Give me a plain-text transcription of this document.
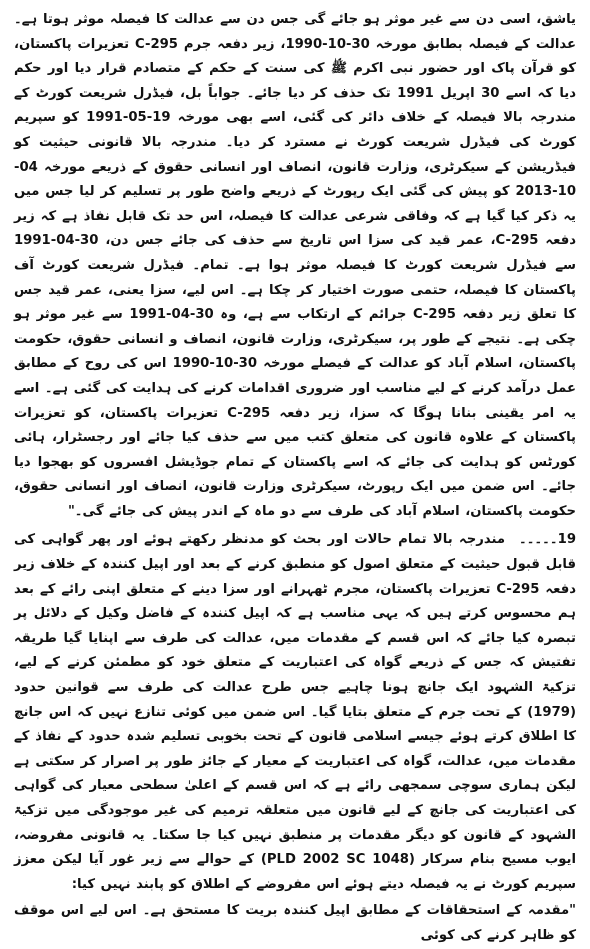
یاشق، اسی دن سے غیر موثر ہو جائے گی جس دن سے عدالت کا فیصلہ موثر ہوتا ہے۔ عدالت کے فیصلہ بطابق مورخہ 30-10-1990، زیر دفعہ جرم C-295 تعزیرات پاکستان، کو قرآن پاک اور حضور نبی اکرم ﷺ کی سنت کے حکم کے متصادم قرار دیا اور حکم دیا کہ اسے 30 اپریل 1991 تک حذف کر دیا جائے۔ جواباً بل، فیڈرل شریعت کورٹ کے مندرجہ بالا فیصلہ کے خلاف دائر کی گئی، اسے بھی مورخہ 19-05-1991 کو سپریم کورٹ کی فیڈرل شریعت کورٹ نے مسترد کر دیا۔ مندرجہ بالا قانونی حیثیت کو فیڈریشن کے سیکرٹری، وزارت قانون، انصاف اور انسانی حقوق کے ذریعے مورخہ 04-10-2013 کو پیش کی گئی ایک رپورٹ کے ذریعے واضح طور پر تسلیم کر لیا جس میں یہ ذکر کیا گیا ہے کہ وفاقی شرعی عدالت کا فیصلہ، اس حد تک قابل نفاذ ہے کہ زیر دفعہ C-295، عمر قید کی سزا اس تاریخ سے حذف کی جائے جس دن، 30-04-1991 سے فیڈرل شریعت کورٹ کا فیصلہ موثر ہوا ہے۔ تمام۔ فیڈرل شریعت کورٹ آف پاکستان کا فیصلہ، حتمی صورت اختیار کر چکا ہے۔ اس لیے، سزا یعنی، عمر قید جس کا تعلق زیر دفعہ C-295 جرائم کے ارتکاب سے ہے، وہ 30-04-1991 سے غیر موثر ہو چکی ہے۔ نتیجے کے طور پر، سیکرٹری، وزارت قانون، انصاف و انسانی حقوق، حکومت پاکستان، اسلام آباد کو عدالت کے فیصلے مورخہ 30-10-1990 اس کی روح کے مطابق عمل درآمد کرنے کے لیے مناسب اور ضروری اقدامات کرنے کی ہدایت کی گئی ہے۔ اسے یہ امر یقینی بنانا ہوگا کہ سزا، زیر دفعہ C-295 تعزیرات پاکستان، کو تعزیرات پاکستان کے علاوہ قانون کی متعلق کتب میں سے حذف کیا جائے اور رجسٹرار، ہائی کورٹس کو ہدایت کی جائے کہ اسے پاکستان کے تمام جوڈیشل افسروں کو بھجوا دیا جائے۔ اس ضمن میں ایک رپورٹ، سیکرٹری وزارت قانون، انصاف اور انسانی حقوق، حکومت پاکستان، اسلام آباد کی طرف سے دو ماہ کے اندر پیش کی جائے گی۔"

19۔۔۔۔۔مندرجہ بالا تمام حالات اور بحث کو مدنظر رکھتے ہوئے اور پھر گواہی کی قابل قبول حیثیت کے متعلق اصول کو منطبق کرنے کے بعد اور اپیل کنندہ کے خلاف زیر دفعہ C-295 تعزیرات پاکستان، مجرم ٹھہرانے اور سزا دینے کے متعلق اپنی رائے کے بعد ہم محسوس کرتے ہیں کہ یہی مناسب ہے کہ اپیل کنندہ کے فاضل وکیل کے دلائل پر تبصرہ کیا جائے کہ اس قسم کے مقدمات میں، عدالت کی طرف سے اپنایا گیا طریقہ تفتیش کہ جس کے ذریعے گواہ کی اعتباریت کے متعلق خود کو مطمئن کرنے کے لیے، تزکیۃ الشہود ایک جانچ ہونا چاہیے جس طرح عدالت کی طرف سے قوانین حدود (1979) کے تحت جرم کے متعلق بتایا گیا۔ اس ضمن میں کوئی تنازع نہیں کہ اس جانچ کا اطلاق کرتے ہوئے جیسے اسلامی قانون کے تحت بخوبی تسلیم شدہ حدود کے نفاذ کے مقدمات میں، عدالت، گواہ کی اعتباریت کے معیار کے جائز طور پر اصرار کر سکتی ہے لیکن ہماری سوچی سمجھی رائے ہے کہ اس قسم کے اعلیٰ سطحی معیار کی گواہی کی اعتباریت کی جانچ کے لیے قانون میں متعلقہ ترمیم کی غیر موجودگی میں تزکیۃ الشہود کے قانون کو دیگر مقدمات پر منطبق نہیں کیا جا سکتا۔ یہ قانونی مفروضہ، ایوب مسیح بنام سرکار (PLD 2002 SC 1048) کے حوالے سے زیر غور آیا لیکن معزز سپریم کورٹ نے یہ فیصلہ دیتے ہوئے اس مفروضے کے اطلاق کو پابند نہیں کیا:

"مقدمہ کے استحقاقات کے مطابق اپیل کنندہ بریت کا مستحق ہے۔ اس لیے اس موقف کو ظاہر کرنے کی کوئی
